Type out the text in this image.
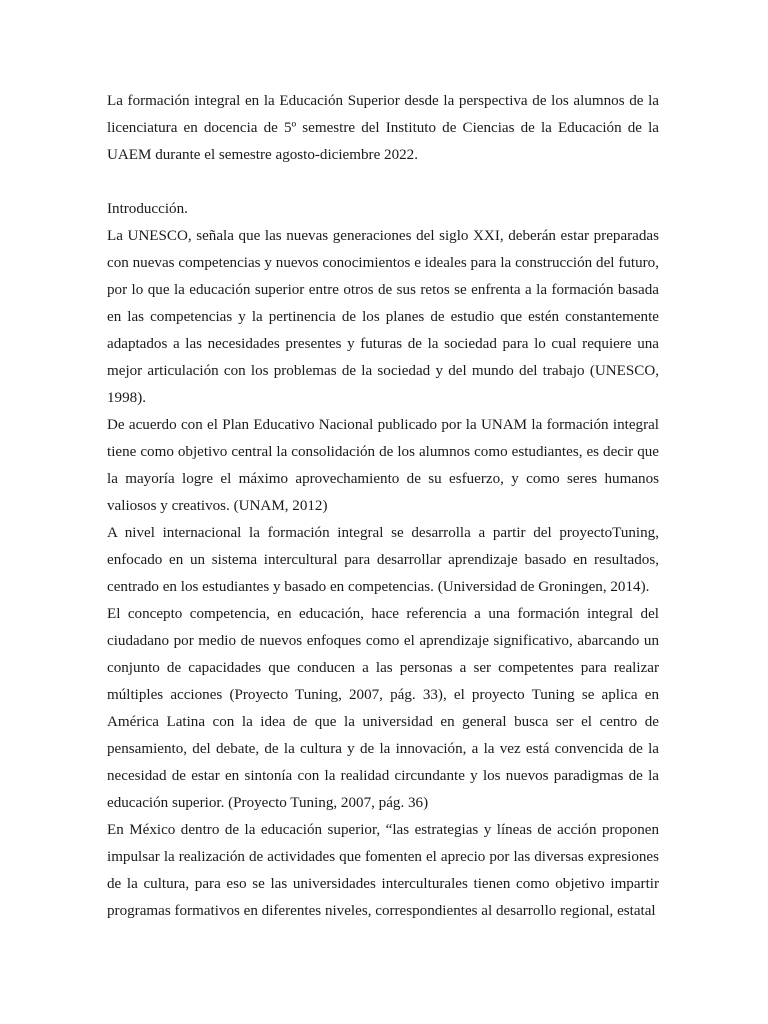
La formación integral en la Educación Superior desde la perspectiva de los alumnos de la licenciatura en docencia de 5º semestre del Instituto de Ciencias de la Educación de la UAEM durante el semestre agosto-diciembre 2022.

Introducción.

La UNESCO, señala que las nuevas generaciones del siglo XXI, deberán estar preparadas con nuevas competencias y nuevos conocimientos e ideales para la construcción del futuro, por lo que la educación superior entre otros de sus retos se enfrenta a la formación basada en las competencias y la pertinencia de los planes de estudio que estén constantemente adaptados a las necesidades presentes y futuras de la sociedad para lo cual requiere una mejor articulación con los problemas de la sociedad y del mundo del trabajo (UNESCO, 1998).

De acuerdo con el Plan Educativo Nacional publicado por la UNAM la formación integral tiene como objetivo central la consolidación de los alumnos como estudiantes, es decir que la mayoría logre el máximo aprovechamiento de su esfuerzo, y como seres humanos valiosos y creativos. (UNAM, 2012)

A nivel internacional la formación integral se desarrolla a partir del proyectoTuning, enfocado en un sistema intercultural para desarrollar aprendizaje basado en resultados, centrado en los estudiantes y basado en competencias. (Universidad de Groningen, 2014).

El concepto competencia, en educación, hace referencia a una formación integral del ciudadano por medio de nuevos enfoques como el aprendizaje significativo, abarcando un conjunto de capacidades que conducen a las personas a ser competentes para realizar múltiples acciones (Proyecto Tuning, 2007, pág. 33), el proyecto Tuning se aplica en América Latina con la idea de que la universidad en general busca ser el centro de pensamiento, del debate, de la cultura y de la innovación, a la vez está convencida de la necesidad de estar en sintonía con la realidad circundante y los nuevos paradigmas de la educación superior. (Proyecto Tuning, 2007, pág. 36)

En México dentro de la educación superior, “las estrategias y líneas de acción proponen impulsar la realización de actividades que fomenten el aprecio por las diversas expresiones de la cultura, para eso se las universidades interculturales tienen como objetivo impartir programas formativos en diferentes niveles, correspondientes al desarrollo regional, estatal
